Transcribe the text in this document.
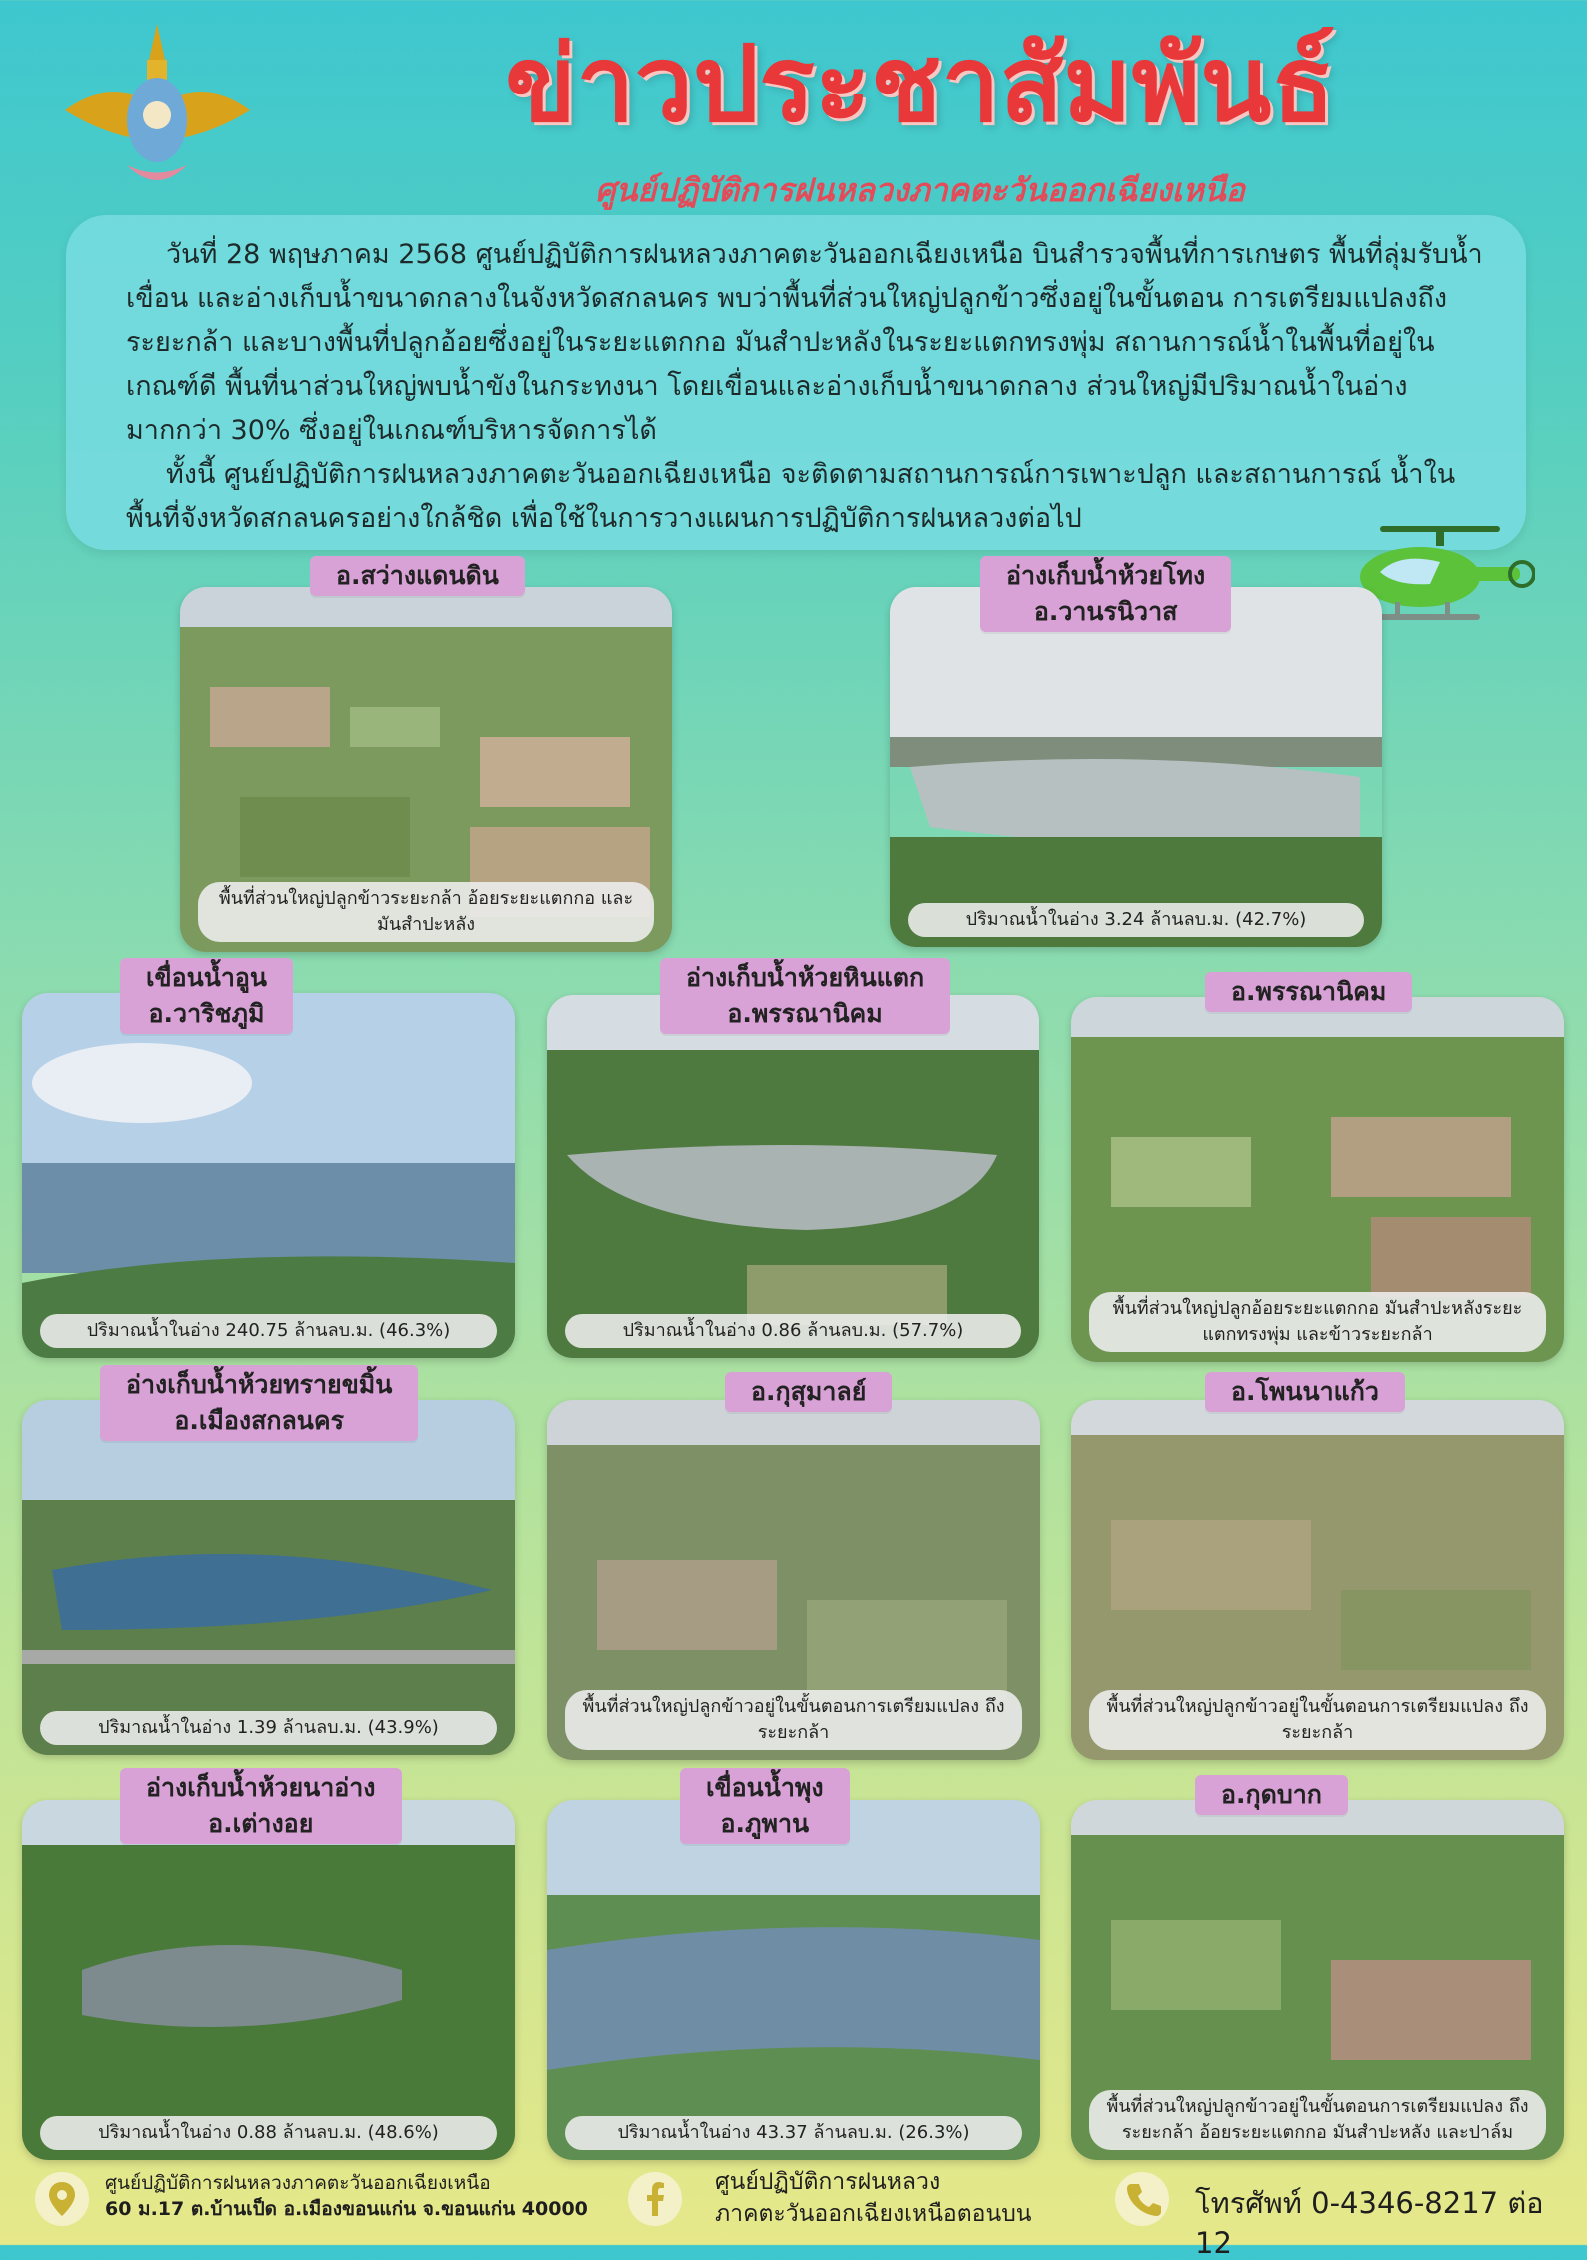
ข่าวประชาสัมพันธ์
ศูนย์ปฏิบัติการฝนหลวงภาคตะวันออกเฉียงเหนือ

วันที่ 28 พฤษภาคม 2568 ศูนย์ปฏิบัติการฝนหลวงภาคตะวันออกเฉียงเหนือ บินสำรวจพื้นที่การเกษตร พื้นที่ลุ่มรับน้ำเขื่อน และอ่างเก็บน้ำขนาดกลางในจังหวัดสกลนคร พบว่าพื้นที่ส่วนใหญ่ปลูกข้าวซึ่งอยู่ในขั้นตอน การเตรียมแปลงถึงระยะกล้า และบางพื้นที่ปลูกอ้อยซึ่งอยู่ในระยะแตกกอ มันสำปะหลังในระยะแตกทรงพุ่ม สถานการณ์น้ำในพื้นที่อยู่ในเกณฑ์ดี พื้นที่นาส่วนใหญ่พบน้ำขังในกระทงนา โดยเขื่อนและอ่างเก็บน้ำขนาดกลาง ส่วนใหญ่มีปริมาณน้ำในอ่างมากกว่า 30% ซึ่งอยู่ในเกณฑ์บริหารจัดการได้

ทั้งนี้ ศูนย์ปฏิบัติการฝนหลวงภาคตะวันออกเฉียงเหนือ จะติดตามสถานการณ์การเพาะปลูก และสถานการณ์ น้ำในพื้นที่จังหวัดสกลนครอย่างใกล้ชิด เพื่อใช้ในการวางแผนการปฏิบัติการฝนหลวงต่อไป

พื้นที่ส่วนใหญ่ปลูกข้าวระยะกล้า อ้อยระยะแตกกอ และมันสำปะหลัง
อ.สว่างแดนดิน
ปริมาณน้ำในอ่าง 3.24 ล้านลบ.ม. (42.7%)
อ่างเก็บน้ำห้วยโทง
อ.วานรนิวาส
ปริมาณน้ำในอ่าง 240.75 ล้านลบ.ม. (46.3%)
เขื่อนน้ำอูน
อ.วาริชภูมิ
ปริมาณน้ำในอ่าง 0.86 ล้านลบ.ม. (57.7%)
อ่างเก็บน้ำห้วยหินแตก
อ.พรรณานิคม
พื้นที่ส่วนใหญ่ปลูกอ้อยระยะแตกกอ มันสำปะหลังระยะแตกทรงพุ่ม และข้าวระยะกล้า
อ.พรรณานิคม
ปริมาณน้ำในอ่าง 1.39 ล้านลบ.ม. (43.9%)
อ่างเก็บน้ำห้วยทรายขมิ้น
อ.เมืองสกลนคร
พื้นที่ส่วนใหญ่ปลูกข้าวอยู่ในขั้นตอนการเตรียมแปลง ถึงระยะกล้า
อ.กุสุมาลย์
พื้นที่ส่วนใหญ่ปลูกข้าวอยู่ในขั้นตอนการเตรียมแปลง ถึงระยะกล้า
อ.โพนนาแก้ว
ปริมาณน้ำในอ่าง 0.88 ล้านลบ.ม. (48.6%)
อ่างเก็บน้ำห้วยนาอ่าง
อ.เต่างอย
ปริมาณน้ำในอ่าง 43.37 ล้านลบ.ม. (26.3%)
เขื่อนน้ำพุง
อ.ภูพาน
พื้นที่ส่วนใหญ่ปลูกข้าวอยู่ในขั้นตอนการเตรียมแปลง ถึงระยะกล้า อ้อยระยะแตกกอ มันสำปะหลัง และปาล์ม
อ.กุดบาก
ศูนย์ปฏิบัติการฝนหลวงภาคตะวันออกเฉียงเหนือ
60 ม.17 ต.บ้านเป็ด อ.เมืองขอนแก่น จ.ขอนแก่น 40000
ศูนย์ปฏิบัติการฝนหลวง
ภาคตะวันออกเฉียงเหนือตอนบน	โทรศัพท์ 0-4346-8217 ต่อ 12
